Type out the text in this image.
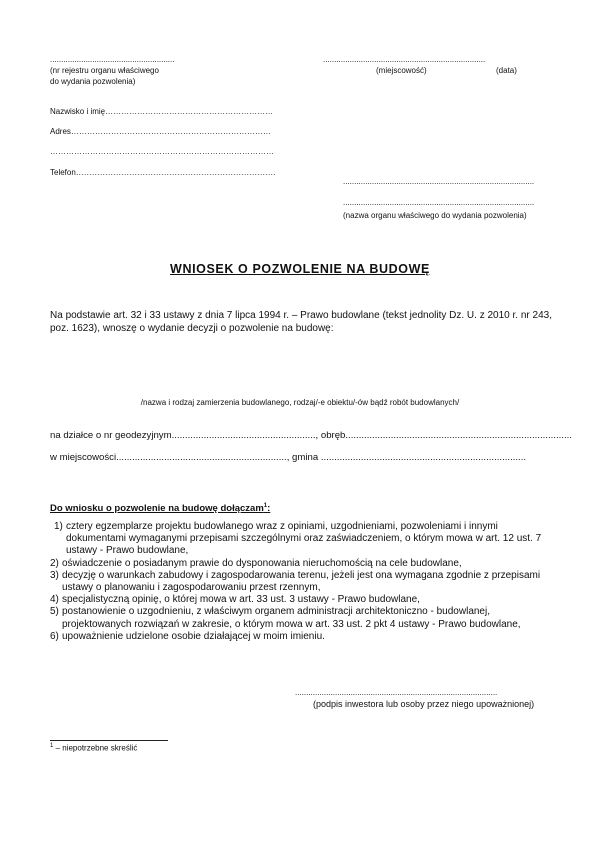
........................................................
(nr rejestru organu właściwego
do wydania pozwolenia)
.........................................................................
(miejscowość)	(data)
Nazwisko i imię………………………………………………………
Adres…………………………………………………………………
…………………………………………………………………………
Telefon…………………………………………………………………
......................................................................................
......................................................................................
(nazwa organu właściwego do wydania pozwolenia)
WNIOSEK O POZWOLENIE NA BUDOWĘ
Na podstawie art. 32 i 33 ustawy z dnia 7 lipca 1994 r. – Prawo budowlane (tekst jednolity Dz. U. z 2010 r. nr 243, poz. 1623), wnoszę o wydanie decyzji o pozwolenie na budowę:
/nazwa i rodzaj zamierzenia budowlanego, rodzaj/-e obiektu/-ów bądź robót budowlanych/
na działce o nr geodezyjnym......................................................, obręb.....................................................................................
w miejscowości................................................................, gmina .............................................................................
Do wniosku o pozwolenie na budowę dołączam$^1$:
1) cztery egzemplarze projektu budowlanego wraz z opiniami, uzgodnieniami, pozwoleniami i innymi dokumentami wymaganymi przepisami szczególnymi oraz zaświadczeniem, o którym mowa w art. 12 ust. 7 ustawy - Prawo budowlane,
2) oświadczenie o posiadanym prawie do dysponowania nieruchomością na cele budowlane,
3) decyzję o warunkach zabudowy i zagospodarowania terenu, jeżeli jest ona wymagana zgodnie z przepisami ustawy o planowaniu i zagospodarowaniu przest rzennym,
4) specjalistyczną opinię, o której mowa w art. 33 ust. 3 ustawy - Prawo budowlane,
5) postanowienie o uzgodnieniu, z właściwym organem administracji architektoniczno - budowlanej, projektowanych rozwiązań w zakresie, o którym mowa w art. 33 ust. 2 pkt 4 ustawy - Prawo budowlane,
6) upoważnienie udzielone osobie działającej w moim imieniu.
...........................................................................................
(podpis inwestora lub osoby przez niego upoważnionej)
$^1$ – niepotrzebne skreślić
